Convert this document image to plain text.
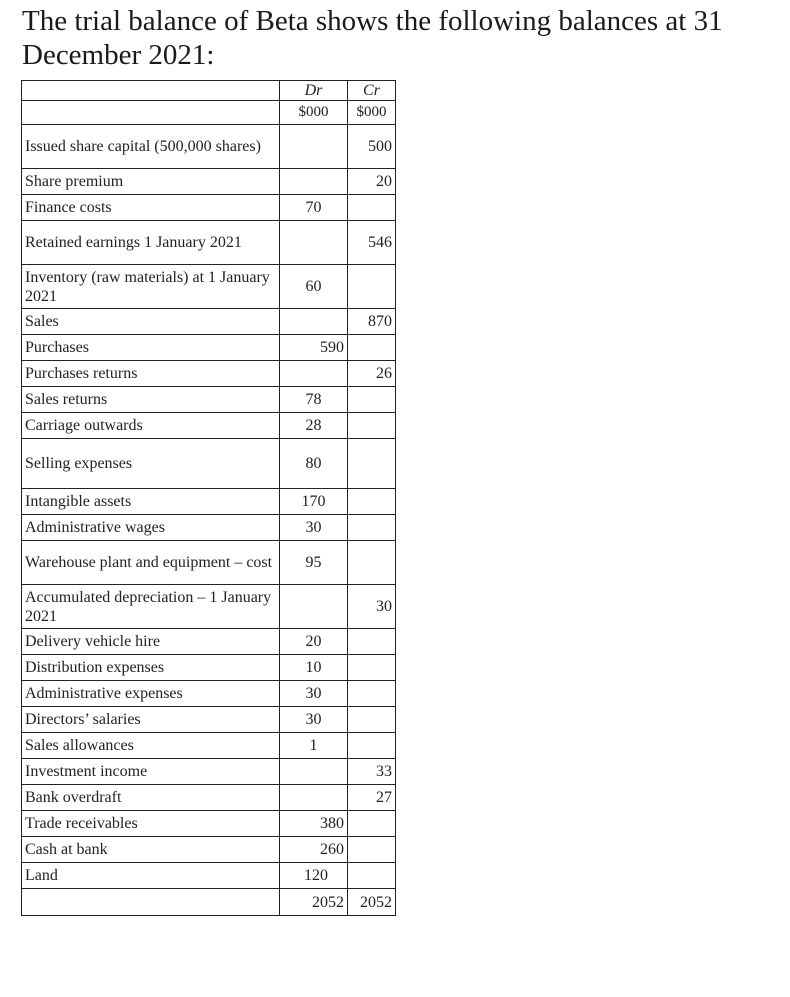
The trial balance of Beta shows the following balances at 31 December 2021:
	Dr	Cr
	$000	$000
Issued share capital (500,000 shares)		500
Share premium		20
Finance costs	70	
Retained earnings 1 January 2021		546
Inventory (raw materials) at 1 January 2021	60	
Sales		870
Purchases	590	
Purchases returns		26
Sales returns	78	
Carriage outwards	28	
Selling expenses	80	
Intangible assets	170	
Administrative wages	30	
Warehouse plant and equipment – cost	95	
Accumulated depreciation – 1 January 2021		30
Delivery vehicle hire	20	
Distribution expenses	10	
Administrative expenses	30	
Directors’ salaries	30	
Sales allowances	1	
Investment income		33
Bank overdraft		27
Trade receivables	380	
Cash at bank	260	
Land	120	
	2052	2052
